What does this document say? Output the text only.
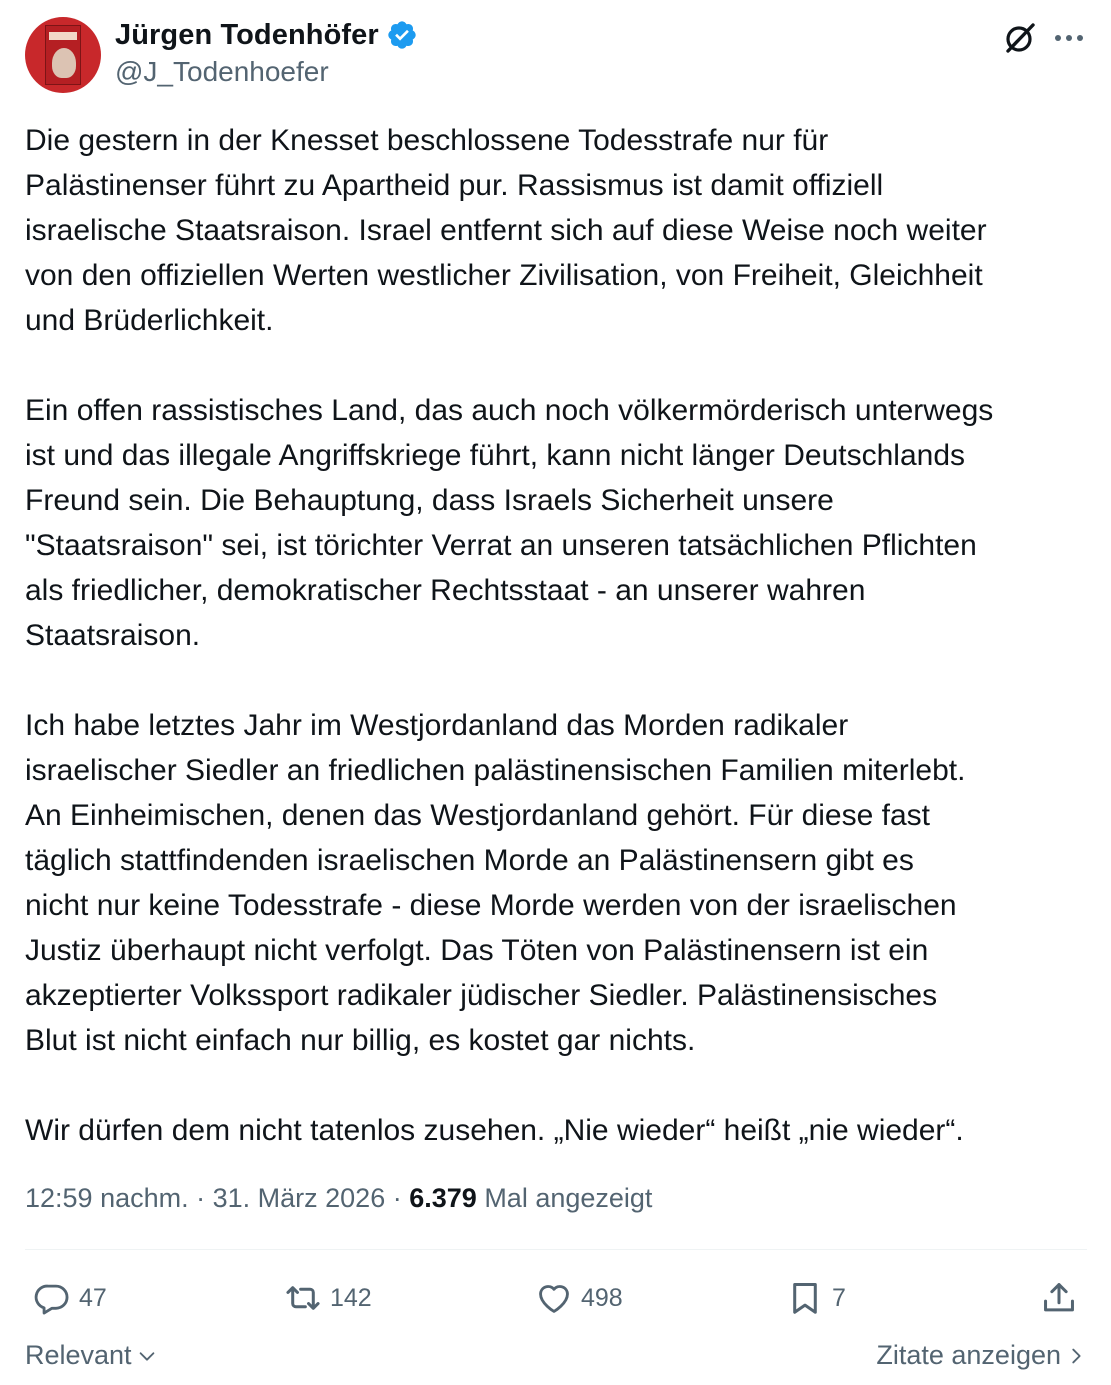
Jürgen Todenhöfer
@J_Todenhoefer
Die gestern in der Knesset beschlossene Todesstrafe nur für
Palästinenser führt zu Apartheid pur. Rassismus ist damit offiziell
israelische Staatsraison. Israel entfernt sich auf diese Weise noch weiter
von den offiziellen Werten westlicher Zivilisation, von Freiheit, Gleichheit
und Brüderlichkeit.

Ein offen rassistisches Land, das auch noch völkermörderisch unterwegs
ist und das illegale Angriffskriege führt, kann nicht länger Deutschlands
Freund sein. Die Behauptung, dass Israels Sicherheit unsere
"Staatsraison" sei, ist törichter Verrat an unseren tatsächlichen Pflichten
als friedlicher, demokratischer Rechtsstaat - an unserer wahren
Staatsraison.

Ich habe letztes Jahr im Westjordanland das Morden radikaler
israelischer Siedler an friedlichen palästinensischen Familien miterlebt.
An Einheimischen, denen das Westjordanland gehört. Für diese fast
täglich stattfindenden israelischen Morde an Palästinensern gibt es
nicht nur keine Todesstrafe - diese Morde werden von der israelischen
Justiz überhaupt nicht verfolgt. Das Töten von Palästinensern ist ein
akzeptierter Volkssport radikaler jüdischer Siedler. Palästinensisches
Blut ist nicht einfach nur billig, es kostet gar nichts.

Wir dürfen dem nicht tatenlos zusehen. „Nie wieder“ heißt „nie wieder“.
12:59 nachm. · 31. März 2026 · 6.379 Mal angezeigt
47	142	498	7
Relevant	Zitate anzeigen
